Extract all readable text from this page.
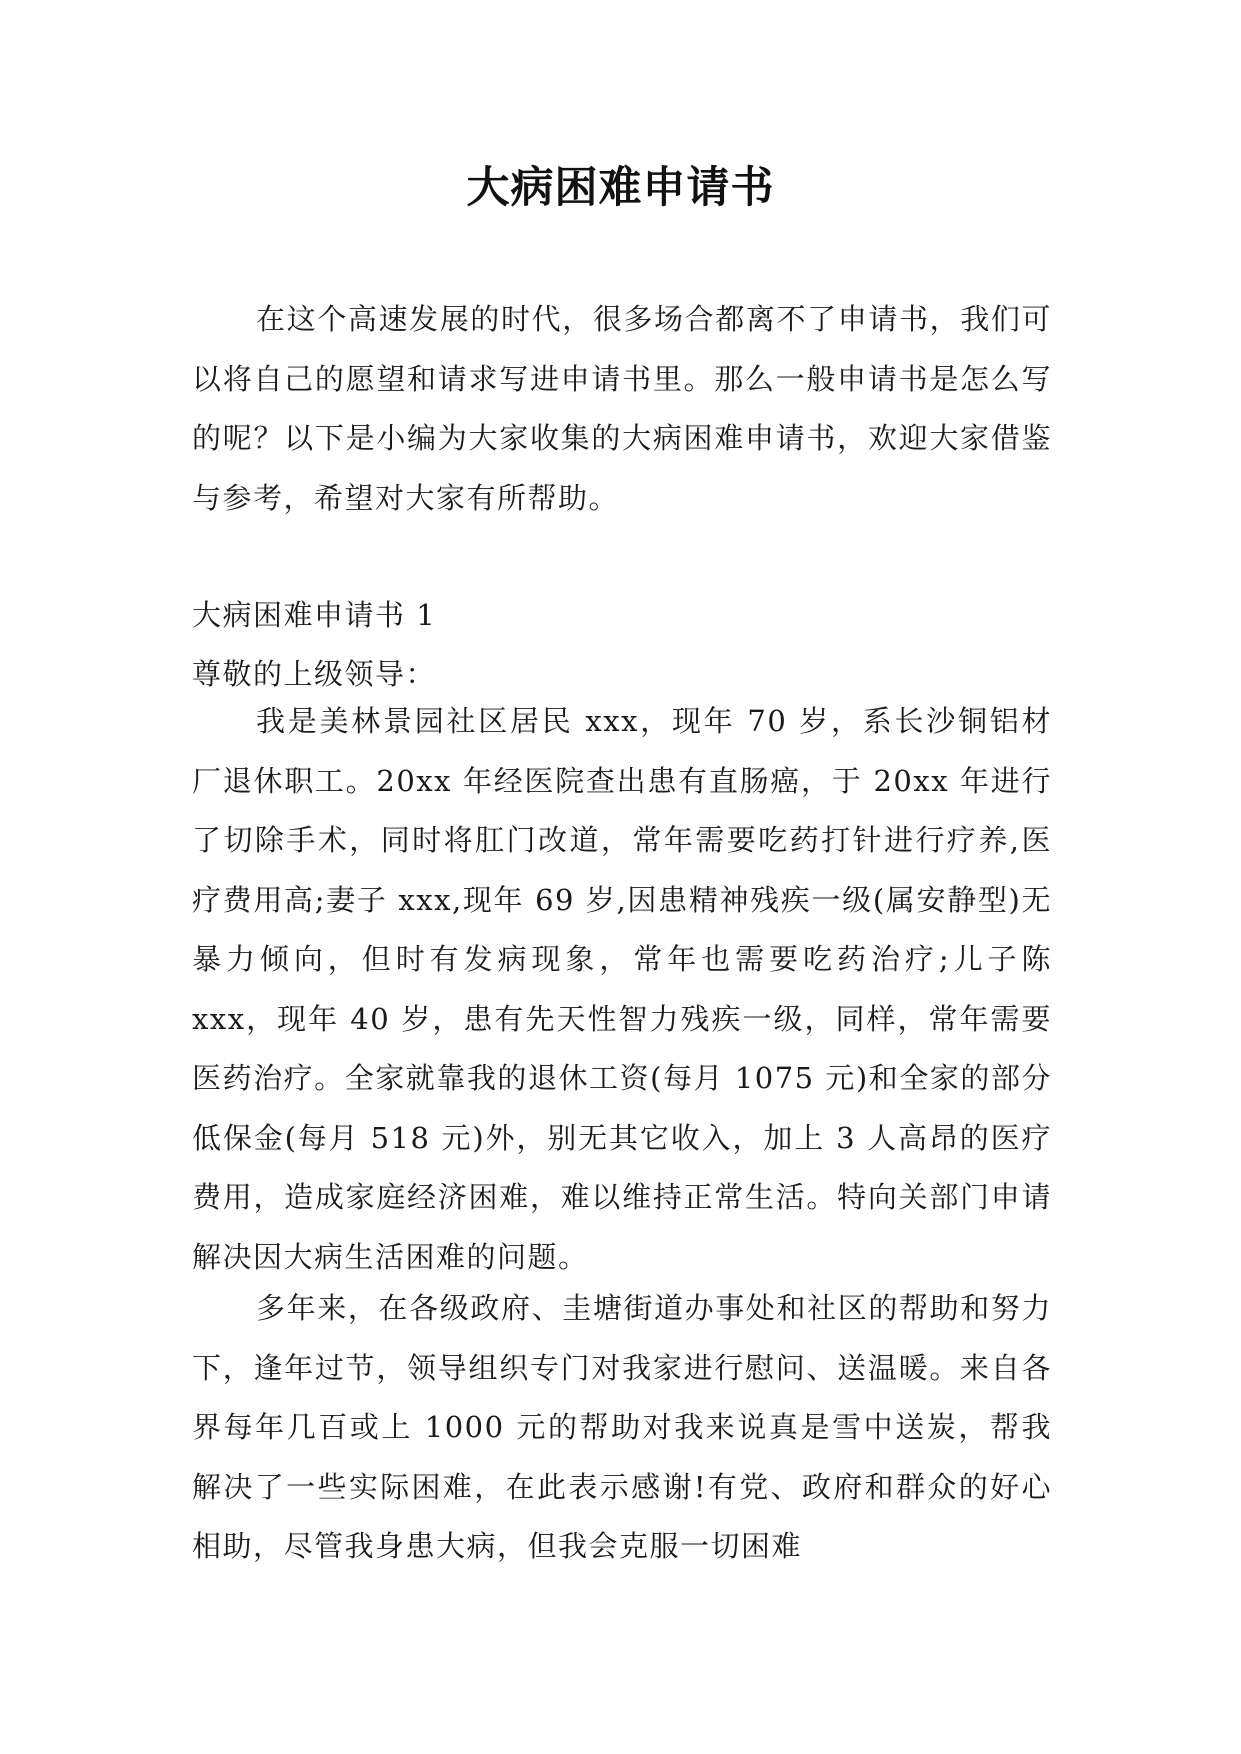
大病困难申请书

在这个高速发展的时代，很多场合都离不了申请书，我们可以将自己的愿望和请求写进申请书里。那么一般申请书是怎么写的呢？以下是小编为大家收集的大病困难申请书，欢迎大家借鉴与参考，希望对大家有所帮助。

大病困难申请书 1

尊敬的上级领导：

我是美林景园社区居民 xxx，现年 70 岁，系长沙铜铝材厂退休职工。20xx 年经医院查出患有直肠癌，于 20xx 年进行了切除手术，同时将肛门改道，常年需要吃药打针进行疗养,医疗费用高;妻子 xxx,现年 69 岁,因患精神残疾一级(属安静型)无暴力倾向，但时有发病现象，常年也需要吃药治疗;儿子陈 xxx，现年 40 岁，患有先天性智力残疾一级，同样，常年需要医药治疗。全家就靠我的退休工资(每月 1075 元)和全家的部分低保金(每月 518 元)外，别无其它收入，加上 3 人高昂的医疗费用，造成家庭经济困难，难以维持正常生活。特向关部门申请解决因大病生活困难的问题。

多年来，在各级政府、圭塘街道办事处和社区的帮助和努力下，逢年过节，领导组织专门对我家进行慰问、送温暖。来自各界每年几百或上 1000 元的帮助对我来说真是雪中送炭，帮我解决了一些实际困难，在此表示感谢!有党、政府和群众的好心相助，尽管我身患大病，但我会克服一切困难
